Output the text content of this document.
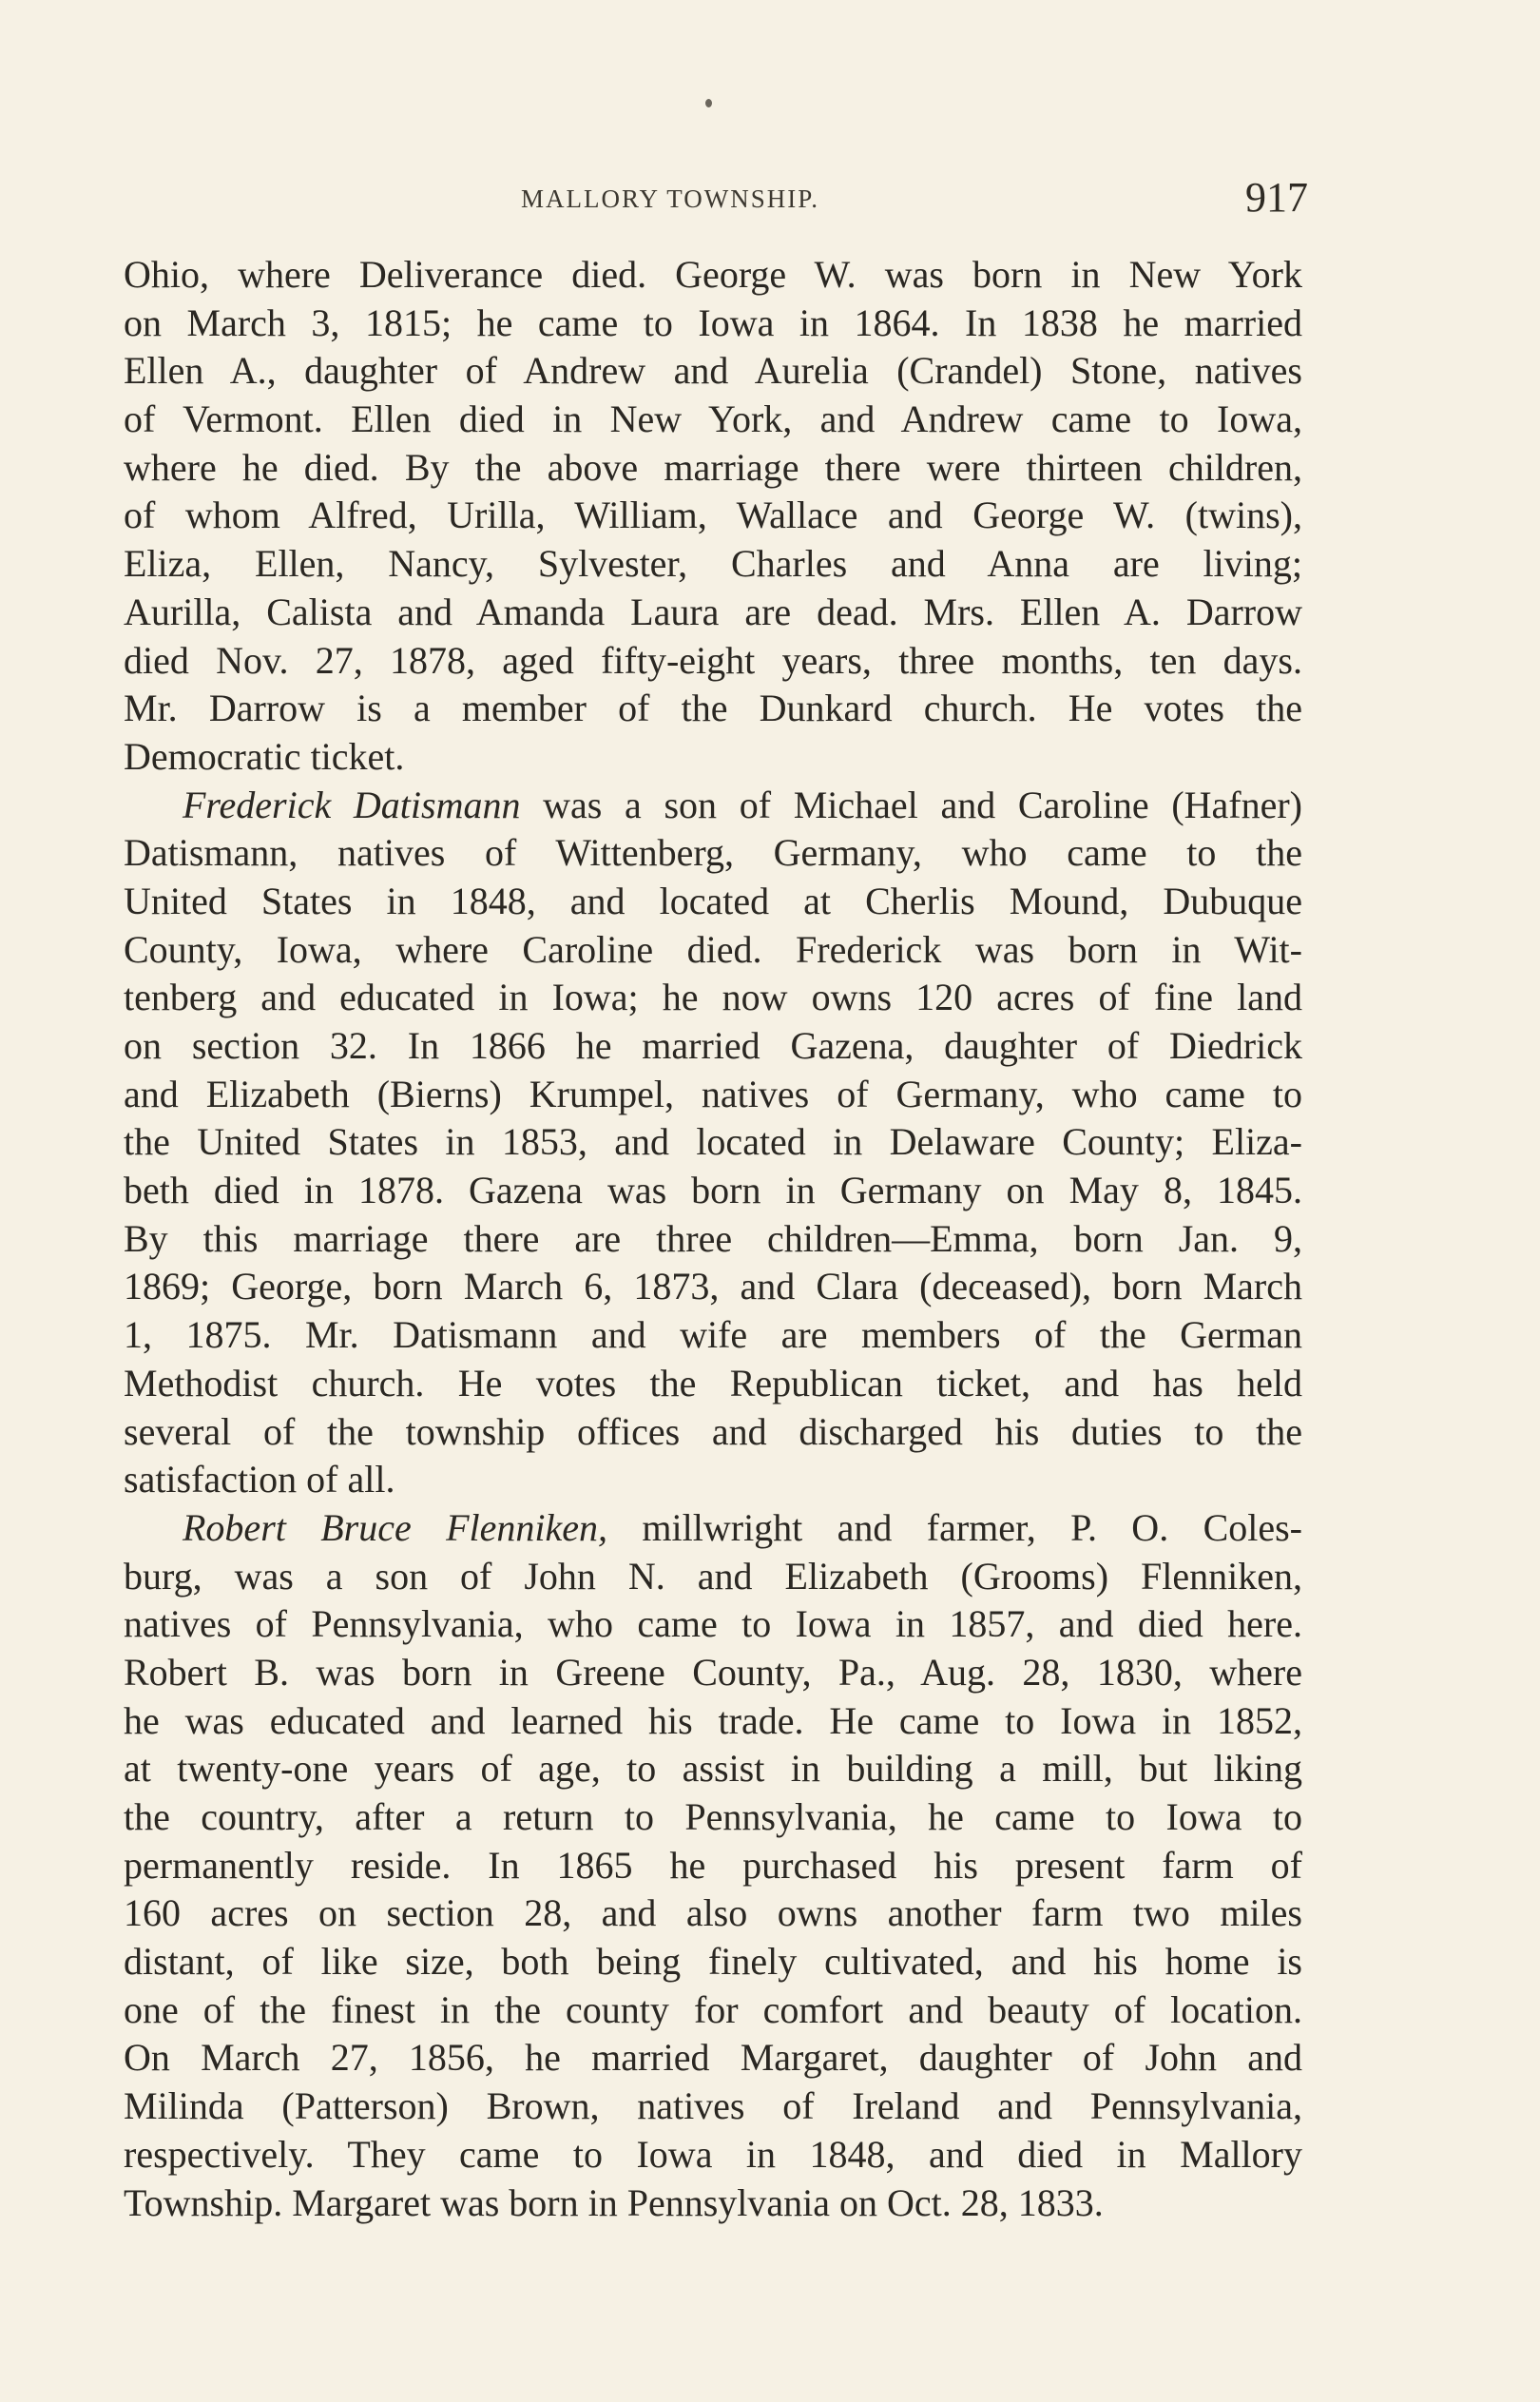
MALLORY TOWNSHIP.	917
Ohio, where Deliverance died. George W. was born in New York
on March 3, 1815; he came to Iowa in 1864. In 1838 he married
Ellen A., daughter of Andrew and Aurelia (Crandel) Stone, natives
of Vermont. Ellen died in New York, and Andrew came to Iowa,
where he died. By the above marriage there were thirteen children,
of whom Alfred, Urilla, William, Wallace and George W. (twins),
Eliza, Ellen, Nancy, Sylvester, Charles and Anna are living;
Aurilla, Calista and Amanda Laura are dead. Mrs. Ellen A. Darrow
died Nov. 27, 1878, aged fifty-eight years, three months, ten days.
Mr. Darrow is a member of the Dunkard church. He votes the
Democratic ticket.
Frederick Datismann was a son of Michael and Caroline (Hafner)
Datismann, natives of Wittenberg, Germany, who came to the
United States in 1848, and located at Cherlis Mound, Dubuque
County, Iowa, where Caroline died. Frederick was born in Wit-
tenberg and educated in Iowa; he now owns 120 acres of fine land
on section 32. In 1866 he married Gazena, daughter of Diedrick
and Elizabeth (Bierns) Krumpel, natives of Germany, who came to
the United States in 1853, and located in Delaware County; Eliza-
beth died in 1878. Gazena was born in Germany on May 8, 1845.
By this marriage there are three children—Emma, born Jan. 9,
1869; George, born March 6, 1873, and Clara (deceased), born March
1, 1875. Mr. Datismann and wife are members of the German
Methodist church. He votes the Republican ticket, and has held
several of the township offices and discharged his duties to the
satisfaction of all.
Robert Bruce Flenniken, millwright and farmer, P. O. Coles-
burg, was a son of John N. and Elizabeth (Grooms) Flenniken,
natives of Pennsylvania, who came to Iowa in 1857, and died here.
Robert B. was born in Greene County, Pa., Aug. 28, 1830, where
he was educated and learned his trade. He came to Iowa in 1852,
at twenty-one years of age, to assist in building a mill, but liking
the country, after a return to Pennsylvania, he came to Iowa to
permanently reside. In 1865 he purchased his present farm of
160 acres on section 28, and also owns another farm two miles
distant, of like size, both being finely cultivated, and his home is
one of the finest in the county for comfort and beauty of location.
On March 27, 1856, he married Margaret, daughter of John and
Milinda (Patterson) Brown, natives of Ireland and Pennsylvania,
respectively. They came to Iowa in 1848, and died in Mallory
Township. Margaret was born in Pennsylvania on Oct. 28, 1833.
